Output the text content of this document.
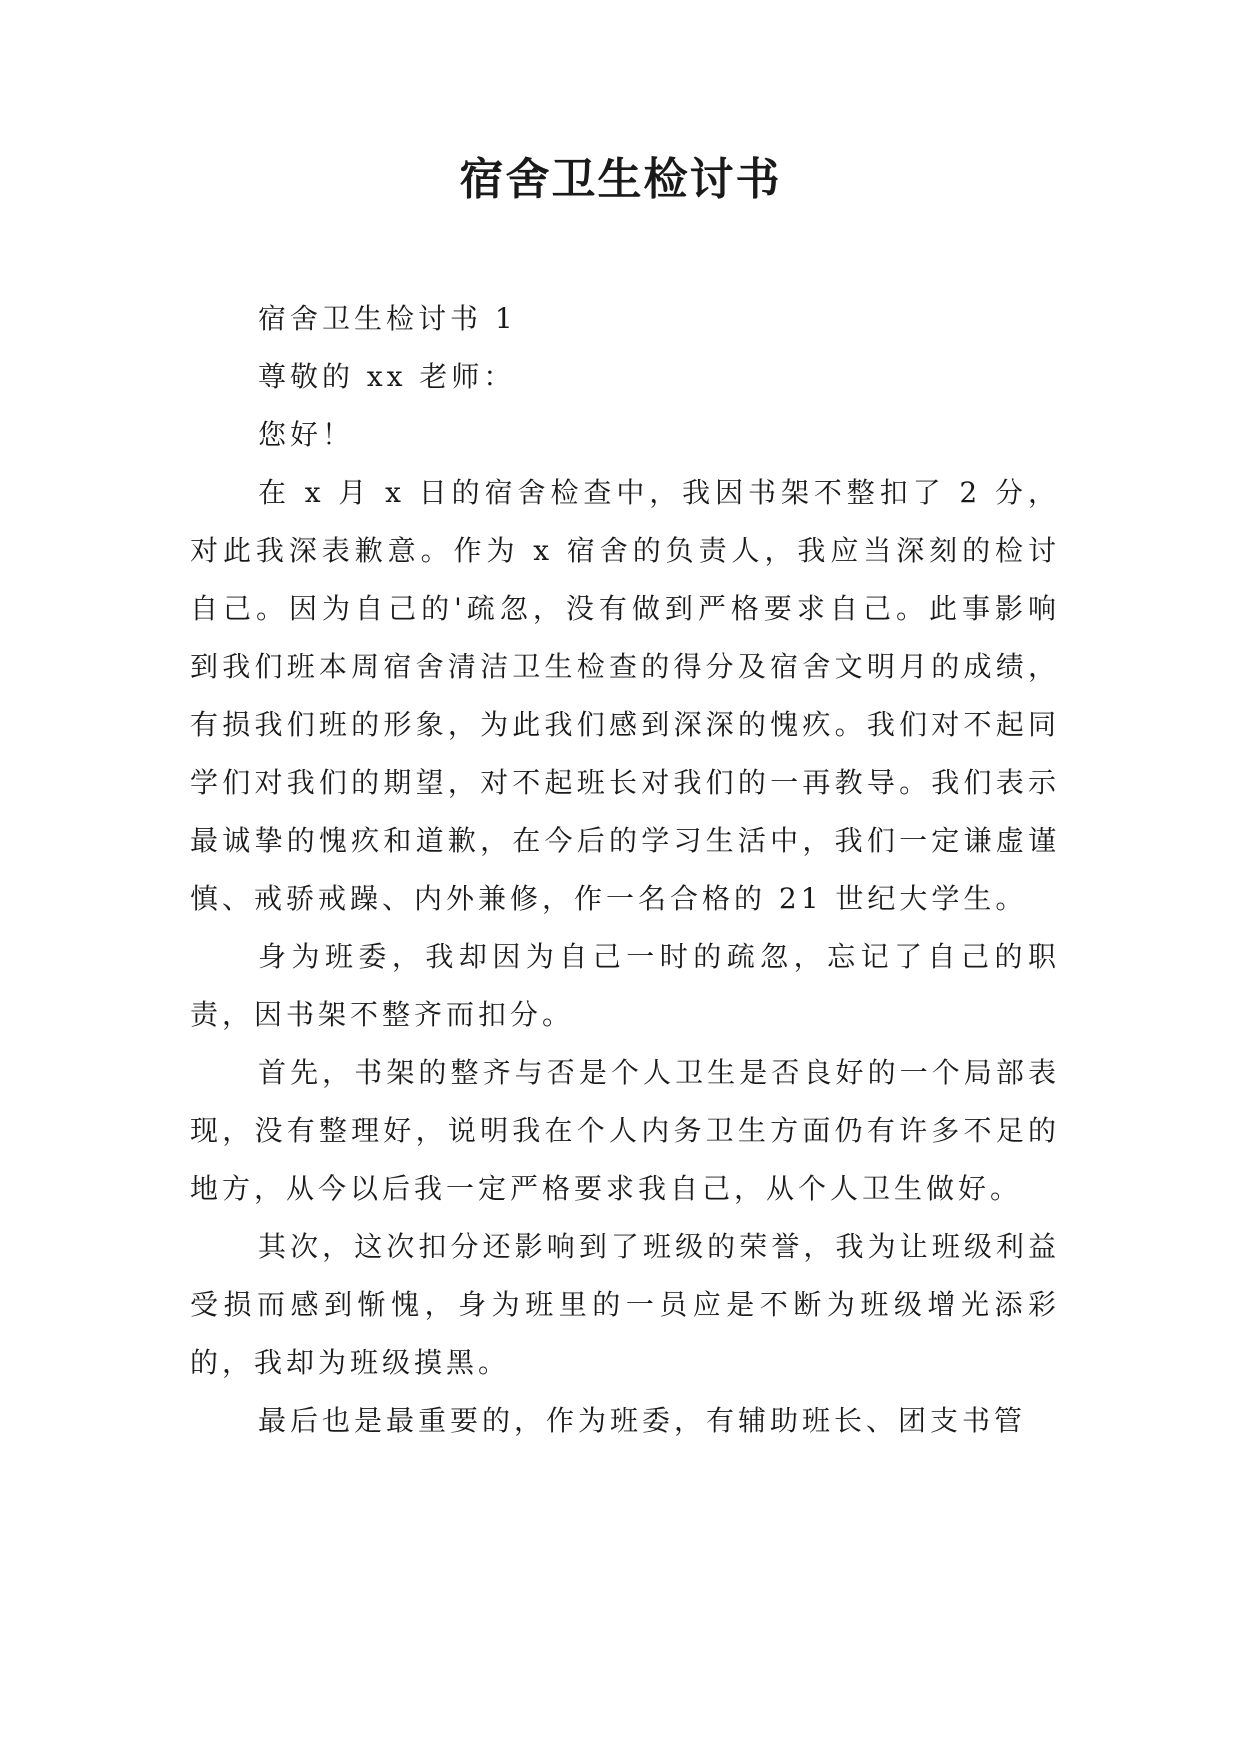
宿舍卫生检讨书

宿舍卫生检讨书 1

尊敬的 xx 老师：

您好！

在 x 月 x 日的宿舍检查中，我因书架不整扣了 2 分，对此我深表歉意。作为 x 宿舍的负责人，我应当深刻的检讨自己。因为自己的'疏忽，没有做到严格要求自己。此事影响到我们班本周宿舍清洁卫生检查的得分及宿舍文明月的成绩，有损我们班的形象，为此我们感到深深的愧疚。我们对不起同学们对我们的期望，对不起班长对我们的一再教导。我们表示最诚挚的愧疚和道歉，在今后的学习生活中，我们一定谦虚谨慎、戒骄戒躁、内外兼修，作一名合格的 21 世纪大学生。

身为班委，我却因为自己一时的疏忽，忘记了自己的职责，因书架不整齐而扣分。

首先，书架的整齐与否是个人卫生是否良好的一个局部表现，没有整理好，说明我在个人内务卫生方面仍有许多不足的地方，从今以后我一定严格要求我自己，从个人卫生做好。

其次，这次扣分还影响到了班级的荣誉，我为让班级利益受损而感到惭愧，身为班里的一员应是不断为班级增光添彩的，我却为班级摸黑。

最后也是最重要的，作为班委，有辅助班长、团支书管
